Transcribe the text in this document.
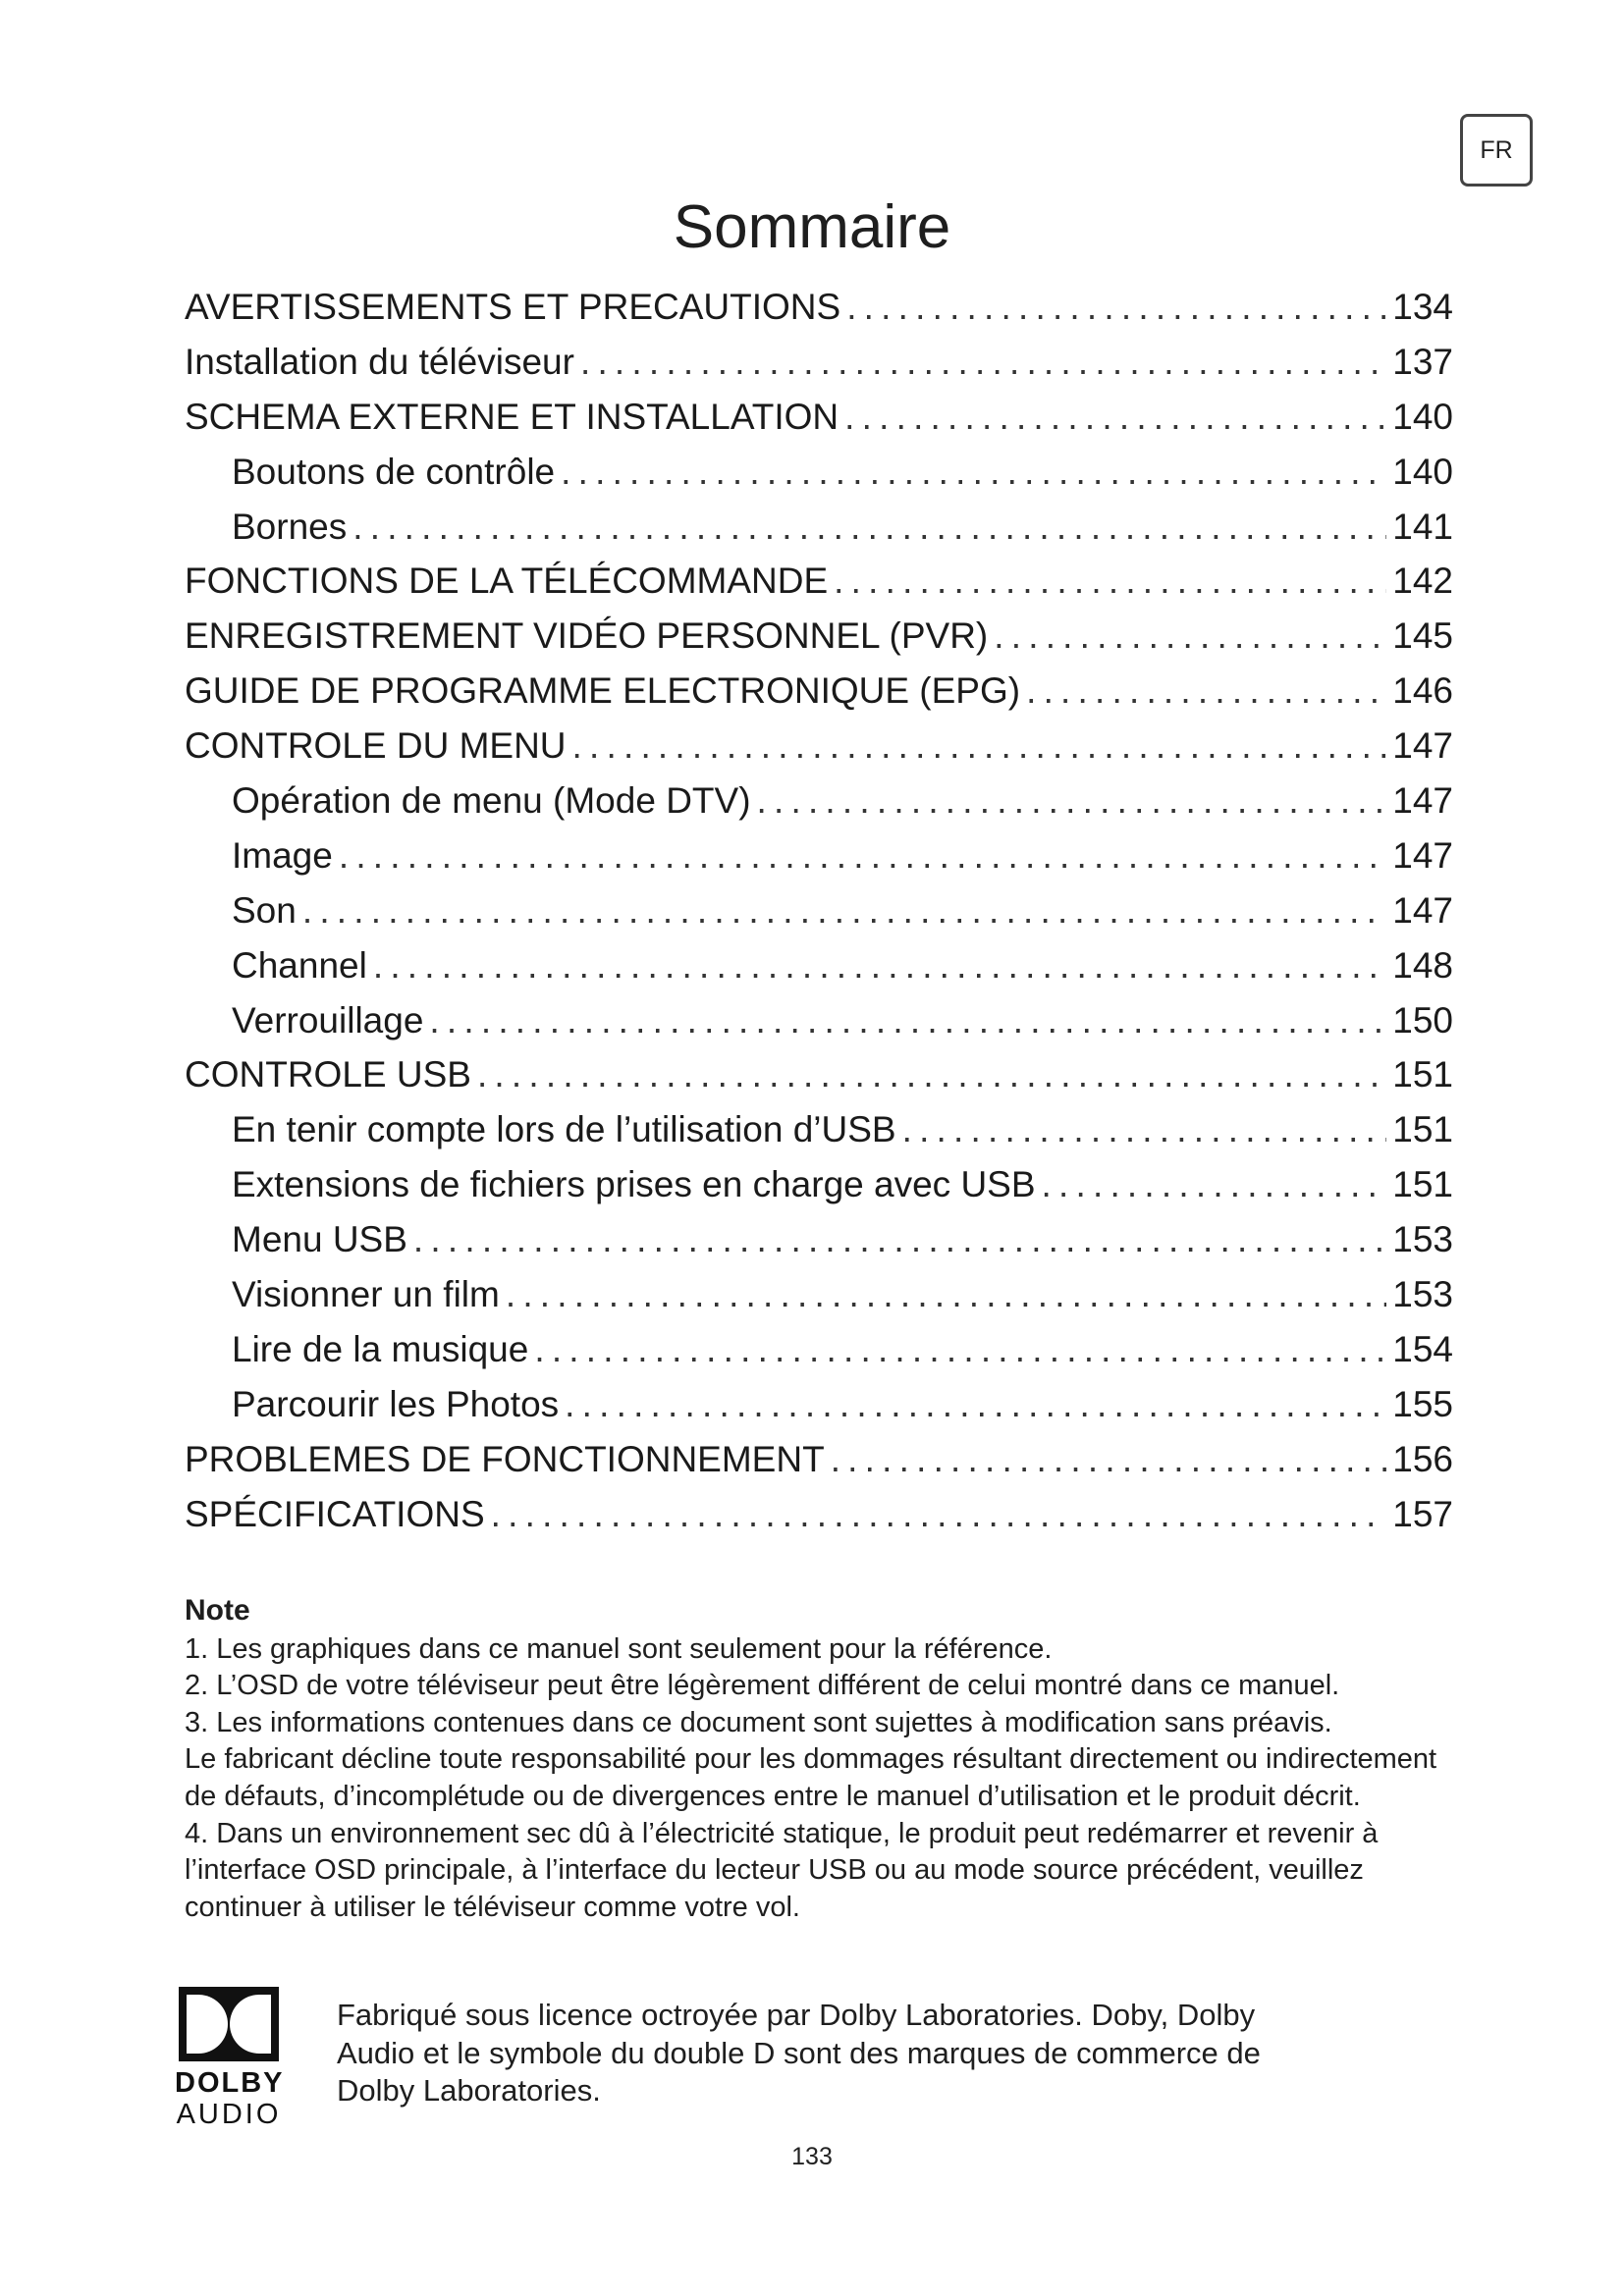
FR
Sommaire
AVERTISSEMENTS ET PRECAUTIONS .....	134
Installation du téléviseur .....	137
SCHEMA EXTERNE ET INSTALLATION .....	140
Boutons de contrôle .....	140
Bornes .....	141
FONCTIONS DE LA TÉLÉCOMMANDE .....	142
ENREGISTREMENT VIDÉO PERSONNEL (PVR) .....	145
GUIDE DE PROGRAMME ELECTRONIQUE (EPG) .....	146
CONTROLE DU MENU .....	147
Opération de menu (Mode DTV) .....	147
Image .....	147
Son .....	147
Channel .....	148
Verrouillage .....	150
CONTROLE USB .....	151
En tenir compte lors de l’utilisation d’USB .....	151
Extensions de fichiers prises en charge avec USB .....	151
Menu USB .....	153
Visionner un film .....	153
Lire de la musique .....	154
Parcourir les Photos .....	155
PROBLEMES DE FONCTIONNEMENT .....	156
SPÉCIFICATIONS .....	157
Note

1. Les graphiques dans ce manuel sont seulement pour la référence.

2. L’OSD de votre téléviseur peut être légèrement différent de celui montré dans ce manuel.

3. Les informations contenues dans ce document sont sujettes à modification sans préavis.

Le fabricant décline toute responsabilité pour les dommages résultant directement ou indirectement de défauts, d’incomplétude ou de divergences entre le manuel d’utilisation et le produit décrit.

4. Dans un environnement sec dû à l’électricité statique, le produit peut redémarrer et revenir à l’interface OSD principale, à l’interface du lecteur USB ou au mode source précédent, veuillez continuer à utiliser le téléviseur comme votre vol.

DOLBY
AUDIO
Fabriqué sous licence octroyée par Dolby Laboratories. Doby, Dolby Audio et le symbole du double D sont des marques de commerce de Dolby Laboratories.
133
